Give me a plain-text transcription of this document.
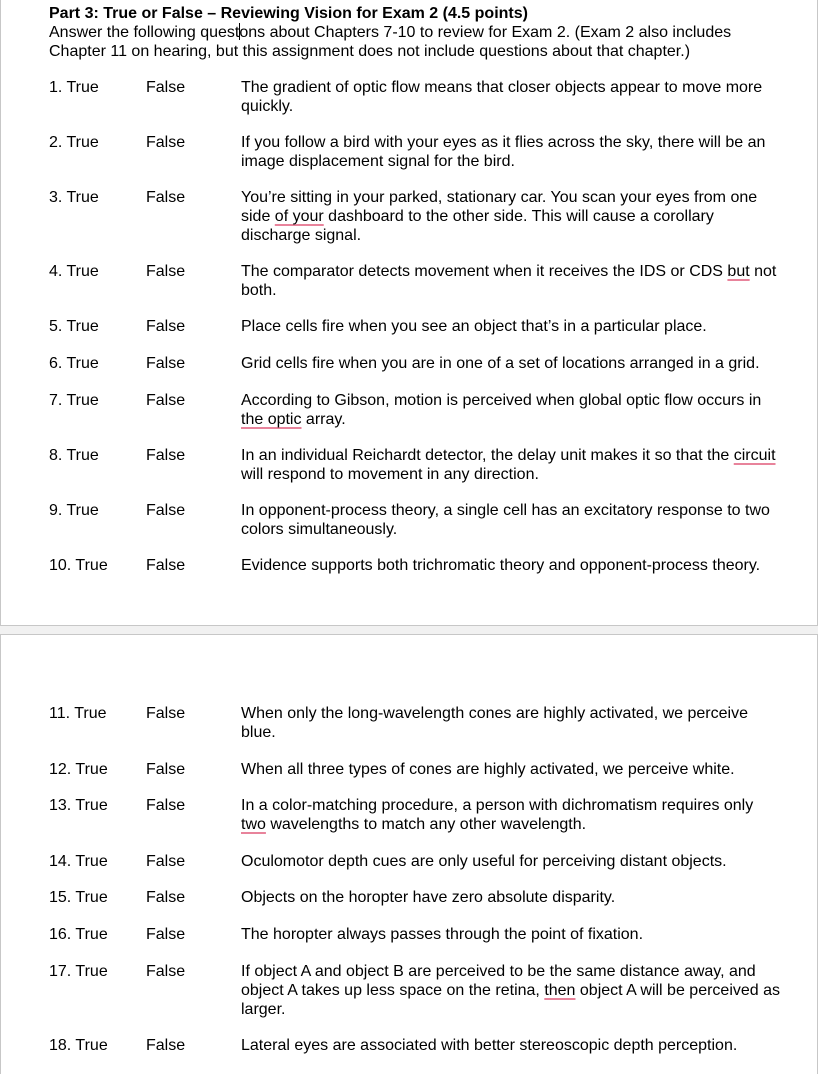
Part 3: True or False – Reviewing Vision for Exam 2 (4.5 points)
Answer the following questons about Chapters 7-10 to review for Exam 2. (Exam 2 also includes Chapter 11 on hearing, but this assignment does not include questions about that chapter.)
1. True	False	The gradient of optic flow means that closer objects appear to move more quickly.
2. True	False	If you follow a bird with your eyes as it flies across the sky, there will be an image displacement signal for the bird.
3. True	False	You’re sitting in your parked, stationary car. You scan your eyes from one side of your dashboard to the other side. This will cause a corollary discharge signal.
4. True	False	The comparator detects movement when it receives the IDS or CDS but not both.
5. True	False	Place cells fire when you see an object that’s in a particular place.
6. True	False	Grid cells fire when you are in one of a set of locations arranged in a grid.
7. True	False	According to Gibson, motion is perceived when global optic flow occurs in the optic array.
8. True	False	In an individual Reichardt detector, the delay unit makes it so that the circuit will respond to movement in any direction.
9. True	False	In opponent-process theory, a single cell has an excitatory response to two colors simultaneously.
10. True False	Evidence supports both trichromatic theory and opponent-process theory.
11. True False	When only the long-wavelength cones are highly activated, we perceive blue.
12. True False	When all three types of cones are highly activated, we perceive white.
13. True False	In a color-matching procedure, a person with dichromatism requires only two wavelengths to match any other wavelength.
14. True False	Oculomotor depth cues are only useful for perceiving distant objects.
15. True False	Objects on the horopter have zero absolute disparity.
16. True False	The horopter always passes through the point of fixation.
17. True False	If object A and object B are perceived to be the same distance away, and object A takes up less space on the retina, then object A will be perceived as larger.
18. True False	Lateral eyes are associated with better stereoscopic depth perception.
